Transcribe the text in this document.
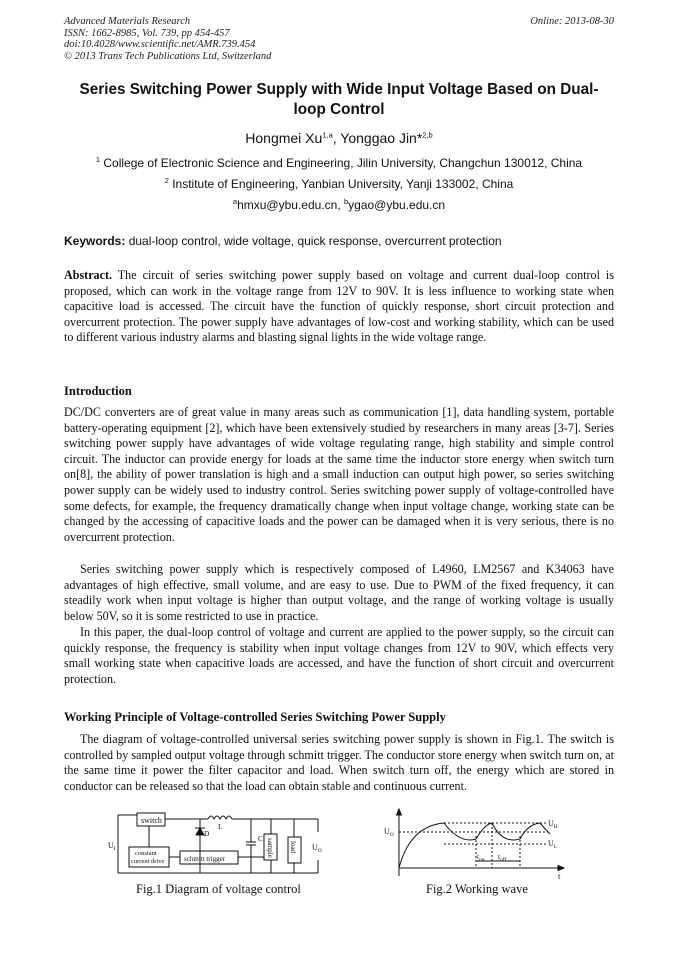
Advanced Materials Research
ISSN: 1662-8985, Vol. 739, pp 454-457
doi:10.4028/www.scientific.net/AMR.739.454
© 2013 Trans Tech Publications Ltd, Switzerland
Online: 2013-08-30
Series Switching Power Supply with Wide Input Voltage Based on Dual-loop Control
Hongmei Xu$^{1,a}$, Yonggao Jin*$^{2,b}$
$^1$ College of Electronic Science and Engineering, Jilin University, Changchun 130012, China
$^2$ Institute of Engineering, Yanbian University, Yanji 133002, China
$^a$hmxu@ybu.edu.cn, $^b$ygao@ybu.edu.cn
Keywords: dual-loop control, wide voltage, quick response, overcurrent protection
Abstract. The circuit of series switching power supply based on voltage and current dual-loop control is proposed, which can work in the voltage range from 12V to 90V. It is less influence to working state when capacitive load is accessed. The circuit have the function of quickly response, short circuit protection and overcurrent protection. The power supply have advantages of low-cost and working stability, which can be used to different various industry alarms and blasting signal lights in the wide voltage range.
Introduction
DC/DC converters are of great value in many areas such as communication [1], data handling system, portable battery-operating equipment [2], which have been extensively studied by researchers in many areas [3-7]. Series switching power supply have advantages of wide voltage regulating range, high stability and simple control circuit. The inductor can provide energy for loads at the same time the inductor store energy when switch turn on[8], the ability of power translation is high and a small induction can output high power, so series switching power supply can be widely used to industry control. Series switching power supply of voltage-controlled have some defects, for example, the frequency dramatically change when input voltage change, working state can be changed by the accessing of capacitive loads and the power can be damaged when it is very serious, there is no overcurrent protection.
Series switching power supply which is respectively composed of L4960, LM2567 and K34063 have advantages of high effective, small volume, and are easy to use. Due to PWM of the fixed frequency, it can steadily work when input voltage is higher than output voltage, and the range of working voltage is usually below 50V, so it is some restricted to use in practice.
In this paper, the dual-loop control of voltage and current are applied to the power supply, so the circuit can quickly response, the frequency is stability when input voltage changes from 12V to 90V, which effects very small working state when capacitive loads are accessed, and have the function of short circuit and overcurrent protection.
Working Principle of Voltage-controlled Series Switching Power Supply
The diagram of voltage-controlled universal series switching power supply is shown in Fig.1. The switch is controlled by sampled output voltage through schmitt trigger. The conductor store energy when switch turn on, at the same time it power the filter capacitor and load. When switch turn off, the energy which are stored in conductor can be released so that the load can obtain stable and continuous current.
switch
constant
current drive	schmitt trigger
sample load
$U_I$	$U_O$
D
L
C
Fig.1 Diagram of voltage control
$U_O$
$U_H$
$U_L$
$t_{on}$ $t_{off}$
t
Fig.2 Working wave
